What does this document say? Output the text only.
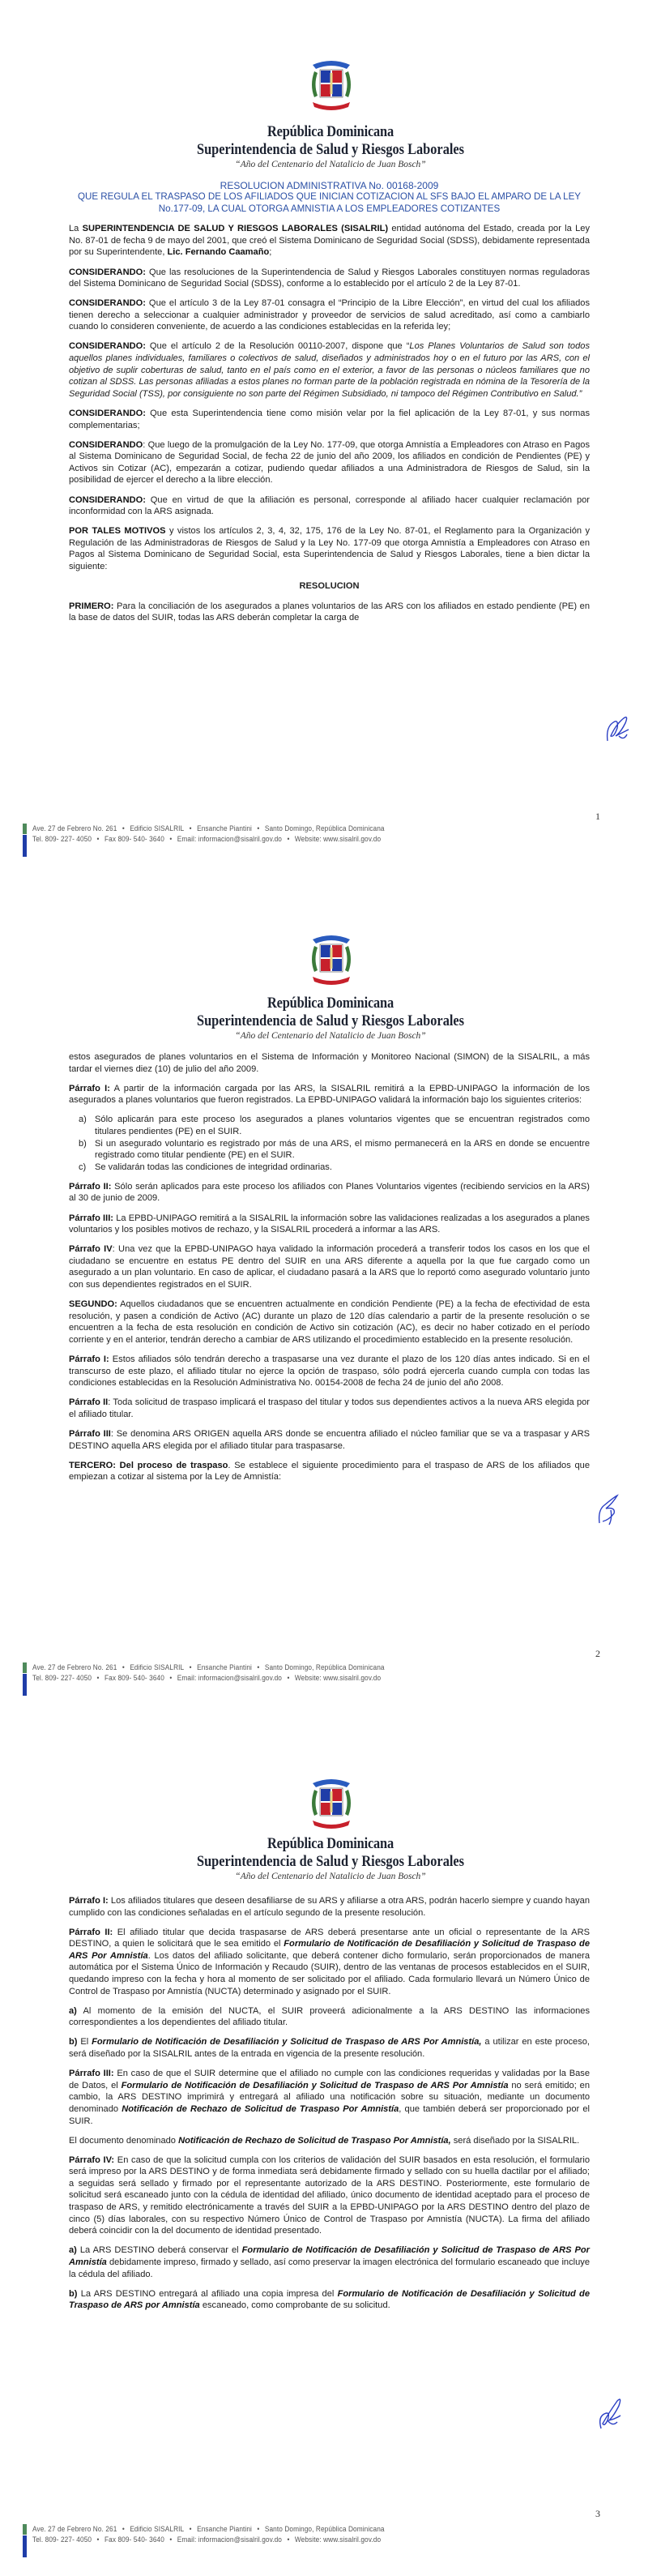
República Dominicana
Superintendencia de Salud y Riesgos Laborales
“Año del Centenario del Natalicio de Juan Bosch”
RESOLUCION ADMINISTRATIVA No. 00168-2009
QUE REGULA EL TRASPASO DE LOS AFILIADOS QUE INICIAN COTIZACION AL SFS BAJO EL AMPARO DE LA LEY No.177-09, LA CUAL OTORGA AMNISTIA A LOS EMPLEADORES COTIZANTES

La SUPERINTENDENCIA DE SALUD Y RIESGOS LABORALES (SISALRIL) entidad autónoma del Estado, creada por la Ley No. 87-01 de fecha 9 de mayo del 2001, que creó el Sistema Dominicano de Seguridad Social (SDSS), debidamente representada por su Superintendente, Lic. Fernando Caamaño;

CONSIDERANDO: Que las resoluciones de la Superintendencia de Salud y Riesgos Laborales constituyen normas reguladoras del Sistema Dominicano de Seguridad Social (SDSS), conforme a lo establecido por el artículo 2 de la Ley 87-01.

CONSIDERANDO: Que el artículo 3 de la Ley 87-01 consagra el “Principio de la Libre Elección”, en virtud del cual los afiliados tienen derecho a seleccionar a cualquier administrador y proveedor de servicios de salud acreditado, así como a cambiarlo cuando lo consideren conveniente, de acuerdo a las condiciones establecidas en la referida ley;

CONSIDERANDO: Que el artículo 2 de la Resolución 00110-2007, dispone que “Los Planes Voluntarios de Salud son todos aquellos planes individuales, familiares o colectivos de salud, diseñados y administrados hoy o en el futuro por las ARS, con el objetivo de suplir coberturas de salud, tanto en el país como en el exterior, a favor de las personas o núcleos familiares que no cotizan al SDSS. Las personas afiliadas a estos planes no forman parte de la población registrada en nómina de la Tesorería de la Seguridad Social (TSS), por consiguiente no son parte del Régimen Subsidiado, ni tampoco del Régimen Contributivo en Salud.”

CONSIDERANDO: Que esta Superintendencia tiene como misión velar por la fiel aplicación de la Ley 87-01, y sus normas complementarias;

CONSIDERANDO: Que luego de la promulgación de la Ley No. 177-09, que otorga Amnistía a Empleadores con Atraso en Pagos al Sistema Dominicano de Seguridad Social, de fecha 22 de junio del año 2009, los afiliados en condición de Pendientes (PE) y Activos sin Cotizar (AC), empezarán a cotizar, pudiendo quedar afiliados a una Administradora de Riesgos de Salud, sin la posibilidad de ejercer el derecho a la libre elección.

CONSIDERANDO: Que en virtud de que la afiliación es personal, corresponde al afiliado hacer cualquier reclamación por inconformidad con la ARS asignada.

POR TALES MOTIVOS y vistos los artículos 2, 3, 4, 32, 175, 176 de la Ley No. 87-01, el Reglamento para la Organización y Regulación de las Administradoras de Riesgos de Salud y la Ley No. 177-09 que otorga Amnistía a Empleadores con Atraso en Pagos al Sistema Dominicano de Seguridad Social, esta Superintendencia de Salud y Riesgos Laborales, tiene a bien dictar la siguiente:

RESOLUCION

PRIMERO: Para la conciliación de los asegurados a planes voluntarios de las ARS con los afiliados en estado pendiente (PE) en la base de datos del SUIR, todas las ARS deberán completar la carga de

1
Ave. 27 de Febrero No. 261 • Edificio SISALRIL • Ensanche Piantini • Santo Domingo, República Dominicana
Tel. 809- 227- 4050 • Fax 809- 540- 3640 • Email: informacion@sisalril.gov.do • Website: www.sisalril.gov.do
República Dominicana
Superintendencia de Salud y Riesgos Laborales
“Año del Centenario del Natalicio de Juan Bosch”

estos asegurados de planes voluntarios en el Sistema de Información y Monitoreo Nacional (SIMON) de la SISALRIL, a más tardar el viernes diez (10) de julio del año 2009.

Párrafo I: A partir de la información cargada por las ARS, la SISALRIL remitirá a la EPBD-UNIPAGO la información de los asegurados a planes voluntarios que fueron registrados. La EPBD-UNIPAGO validará la información bajo los siguientes criterios:

a) Sólo aplicarán para este proceso los asegurados a planes voluntarios vigentes que se encuentran registrados como titulares pendientes (PE) en el SUIR.
b) Si un asegurado voluntario es registrado por más de una ARS, el mismo permanecerá en la ARS en donde se encuentre registrado como titular pendiente (PE) en el SUIR.
c) Se validarán todas las condiciones de integridad ordinarias.

Párrafo II: Sólo serán aplicados para este proceso los afiliados con Planes Voluntarios vigentes (recibiendo servicios en la ARS) al 30 de junio de 2009.

Párrafo III: La EPBD-UNIPAGO remitirá a la SISALRIL la información sobre las validaciones realizadas a los asegurados a planes voluntarios y los posibles motivos de rechazo, y la SISALRIL procederá a informar a las ARS.

Párrafo IV: Una vez que la EPBD-UNIPAGO haya validado la información procederá a transferir todos los casos en los que el ciudadano se encuentre en estatus PE dentro del SUIR en una ARS diferente a aquella por la que fue cargado como un asegurado a un plan voluntario. En caso de aplicar, el ciudadano pasará a la ARS que lo reportó como asegurado voluntario junto con sus dependientes registrados en el SUIR.

SEGUNDO: Aquellos ciudadanos que se encuentren actualmente en condición Pendiente (PE) a la fecha de efectividad de esta resolución, y pasen a condición de Activo (AC) durante un plazo de 120 días calendario a partir de la presente resolución o se encuentren a la fecha de esta resolución en condición de Activo sin cotización (AC), es decir no haber cotizado en el período corriente y en el anterior, tendrán derecho a cambiar de ARS utilizando el procedimiento establecido en la presente resolución.

Párrafo I: Estos afiliados sólo tendrán derecho a traspasarse una vez durante el plazo de los 120 días antes indicado. Si en el transcurso de este plazo, el afiliado titular no ejerce la opción de traspaso, sólo podrá ejercerla cuando cumpla con todas las condiciones establecidas en la Resolución Administrativa No. 00154-2008 de fecha 24 de junio del año 2008.

Párrafo II: Toda solicitud de traspaso implicará el traspaso del titular y todos sus dependientes activos a la nueva ARS elegida por el afiliado titular.

Párrafo III: Se denomina ARS ORIGEN aquella ARS donde se encuentra afiliado el núcleo familiar que se va a traspasar y ARS DESTINO aquella ARS elegida por el afiliado titular para traspasarse.

TERCERO: Del proceso de traspaso. Se establece el siguiente procedimiento para el traspaso de ARS de los afiliados que empiezan a cotizar al sistema por la Ley de Amnistía:

2
Ave. 27 de Febrero No. 261 • Edificio SISALRIL • Ensanche Piantini • Santo Domingo, República Dominicana
Tel. 809- 227- 4050 • Fax 809- 540- 3640 • Email: informacion@sisalril.gov.do • Website: www.sisalril.gov.do
República Dominicana
Superintendencia de Salud y Riesgos Laborales
“Año del Centenario del Natalicio de Juan Bosch”

Párrafo I: Los afiliados titulares que deseen desafiliarse de su ARS y afiliarse a otra ARS, podrán hacerlo siempre y cuando hayan cumplido con las condiciones señaladas en el artículo segundo de la presente resolución.

Párrafo II: El afiliado titular que decida traspasarse de ARS deberá presentarse ante un oficial o representante de la ARS DESTINO, a quien le solicitará que le sea emitido el Formulario de Notificación de Desafiliación y Solicitud de Traspaso de ARS Por Amnistía. Los datos del afiliado solicitante, que deberá contener dicho formulario, serán proporcionados de manera automática por el Sistema Único de Información y Recaudo (SUIR), dentro de las ventanas de procesos establecidos en el SUIR, quedando impreso con la fecha y hora al momento de ser solicitado por el afiliado. Cada formulario llevará un Número Único de Control de Traspaso por Amnistía (NUCTA) determinado y asignado por el SUIR.

a) Al momento de la emisión del NUCTA, el SUIR proveerá adicionalmente a la ARS DESTINO las informaciones correspondientes a los dependientes del afiliado titular.

b) El Formulario de Notificación de Desafiliación y Solicitud de Traspaso de ARS Por Amnistía, a utilizar en este proceso, será diseñado por la SISALRIL antes de la entrada en vigencia de la presente resolución.

Párrafo III: En caso de que el SUIR determine que el afiliado no cumple con las condiciones requeridas y validadas por la Base de Datos, el Formulario de Notificación de Desafiliación y Solicitud de Traspaso de ARS Por Amnistía no será emitido; en cambio, la ARS DESTINO imprimirá y entregará al afiliado una notificación sobre su situación, mediante un documento denominado Notificación de Rechazo de Solicitud de Traspaso Por Amnistía, que también deberá ser proporcionado por el SUIR.

El documento denominado Notificación de Rechazo de Solicitud de Traspaso Por Amnistía, será diseñado por la SISALRIL.

Párrafo IV: En caso de que la solicitud cumpla con los criterios de validación del SUIR basados en esta resolución, el formulario será impreso por la ARS DESTINO y de forma inmediata será debidamente firmado y sellado con su huella dactilar por el afiliado; a seguidas será sellado y firmado por el representante autorizado de la ARS DESTINO. Posteriormente, este formulario de solicitud será escaneado junto con la cédula de identidad del afiliado, único documento de identidad aceptado para el proceso de traspaso de ARS, y remitido electrónicamente a través del SUIR a la EPBD-UNIPAGO por la ARS DESTINO dentro del plazo de cinco (5) días laborales, con su respectivo Número Único de Control de Traspaso por Amnistía (NUCTA). La firma del afiliado deberá coincidir con la del documento de identidad presentado.

a) La ARS DESTINO deberá conservar el Formulario de Notificación de Desafiliación y Solicitud de Traspaso de ARS Por Amnistía debidamente impreso, firmado y sellado, así como preservar la imagen electrónica del formulario escaneado que incluye la cédula del afiliado.

b) La ARS DESTINO entregará al afiliado una copia impresa del Formulario de Notificación de Desafiliación y Solicitud de Traspaso de ARS por Amnistía escaneado, como comprobante de su solicitud.

3
Ave. 27 de Febrero No. 261 • Edificio SISALRIL • Ensanche Piantini • Santo Domingo, República Dominicana
Tel. 809- 227- 4050 • Fax 809- 540- 3640 • Email: informacion@sisalril.gov.do • Website: www.sisalril.gov.do
